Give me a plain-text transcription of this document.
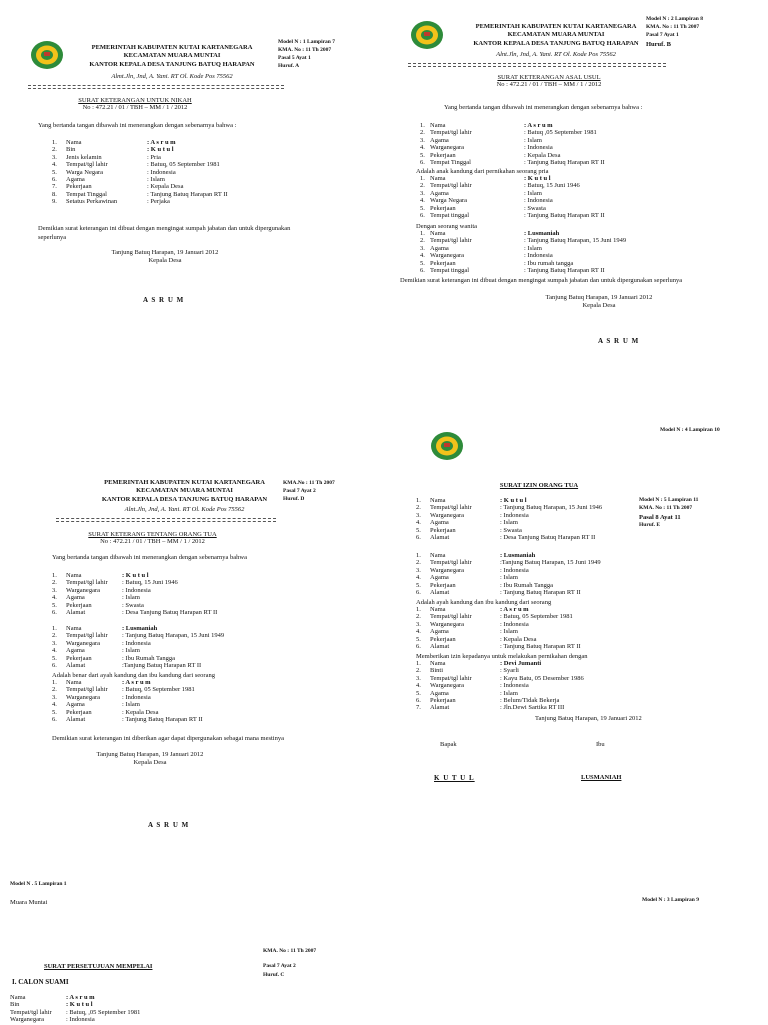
PEMERINTAH KABUPATEN KUTAI KARTANEGARA
KECAMATAN MUARA MUNTAI
KANTOR KEPALA DESA TANJUNG BATUQ HARAPAN
Almt.Jln, Jnd, A. Yani. RT Ol. Kode Pos 75562
Model N : 1 Lampiran 7
KMA. No : 11 Th 2007
Pasal 5 Ayat 1
Huruf. A
SURAT KETERANGAN UNTUK NIKAH
No : 472.21 / 01 / TBH – MM / 1 / 2012
Yang bertanda tangan dibawah ini menerangkan dengan sebenarnya bahwa :
1. Nama	: A s r u m
2. Bin	: K u t u l
3. Jenis kelamin	: Pria
4. Tempat/tgl lahir	: Batuq, 05 September 1981
5. Warga Negara	: Indonesia
6. Agama	: Islam
7. Pekerjaan	: Kepala Desa
8. Tempat Tinggal	: Tanjung Batuq Harapan RT II
9. Setatus Perkawinan	: Perjaka
Demikian surat keterangan ini dibuat dengan mengingat sumpah jabatan dan untuk dipergunakan
seperlunya
Tanjung Batuq Harapan, 19 Januari 2012
Kepala Desa
A S R U M
PEMERINTAH KABUPATEN KUTAI KARTANEGARA
KECAMATAN MUARA MUNTAI
KANTOR KEPALA DESA TANJUNG BATUQ HARAPAN
Alnt.Jln, Jnd, A. Yani. RT Ol. Kode Pos 75562
Model N : 2 Lampiran 8
KMA. No : 11 Th 2007
Pasal 7 Ayat 1
Huruf. B
SURAT KETERANGAN ASAL USUL
No : 472.21 / 01 / TBH – MM / 1 / 2012
Yang bertanda tangan dibawah ini menerangkan dengan sebenarnya bahwa :
1. Nama	: A s r u m
2. Tempat/tgl lahir	: Batuq ,05 September 1981
3. Agama	: Islam
4. Warganegara	: Indonesia
5. Pekerjaan	: Kepala Desa
6. Tempat Tinggal	: Tanjung Batuq Harapan RT II
Adalah anak kandung dari pernikahan seorang pria
1. Nama	: K u t u l
2. Tempat/tgl lahir	: Batuq, 15 Juni 1946
3. Agama	: Islam
4. Warga Negara	: Indonesia
5. Pekerjaan	: Swasta
6. Tempat tinggal	: Tanjung Batuq Harapan RT II
Dengan seorang wanita
1. Nama	: Lusmaniah
2. Tempat/tgl lahir	: Tanjung Batuq Harapan, 15 Juni 1949
3. Agama	: Islam
4. Warganegara	: Indonesia
5. Pekerjaan	: Ibu rumah tangga
6. Tempat tinggal	: Tanjung Batuq Harapan RT II
Demikian surat keterangan ini dibuat dengan mengingat sumpah jabatan dan untuk dipergunakan seperlunya
Tanjung Batuq Harapan, 19 Januari 2012
Kepala Desa
A S R U M
PEMERINTAH KABUPATEN KUTAI KARTANEGARA
KECAMATAN MUARA MUNTAI
KANTOR KEPALA DESA TANJUNG BATUQ HARAPAN
Alnt.Jln, Jnd, A. Yani. RT Ol. Kode Pos 75562
KMA.No : 11 Th 2007
Pasal 7 Ayat 2
Huruf. D
SURAT KETERANG TENTANG ORANG TUA
No : 472.21 / 01 / TBH – MM / 1 / 2012
Yang bertanda tangan dibawah ini menerangkan dengan sebenarnya bahwa
1. Nama	: K u t u l
2. Tempat/tgl lahir : Batuq, 15 Juni 1946
3. Warganegara	: Indonesia
4. Agama	: Islam
5. Pekerjaan	: Swasta
6. Alamat	: Desa Tanjung Batuq Harapan RT II
1. Nama	: Lusmaniah
2. Tempat/tgl lahir : Tanjung Batuq Harapan, 15 Juni 1949
3. Warganegara	: Indonesia
4. Agama	: Islam
5. Pekerjaan	: Ibu Rumah Tangga
6. Alamat	:Tanjung Batuq Harapan RT II
Adalah benar dari ayah kandung dan ibu kandung dari seorang
1. Nama	: A s r u m
2. Tempat/tgl lahir : Batuq, 05 September 1981
3. Warganegara	: Indonesia
4. Agama	: Islam
5. Pekerjaan	: Kepala Desa
6. Alamat	: Tanjung Batuq Harapan RT II
Demikian surat keterangan ini diberikan agar dapat dipergunakan sebagai mana mestinya
Tanjung Batuq Harapan, 19 Januari 2012
Kepala Desa
A S R U M
Model N : 4 Lampiran 10
SURAT IZIN ORANG TUA
Model N : 5 Lampiran 11
KMA. No : 11 Th 2007
Pasal 8 Ayat 11
Huruf. E
1. Nama	: K u t u l
2. Tempat/tgl lahir	: Tanjung Batuq Harapan, 15 Juni 1946
3. Warganegara	: Indonesia
4. Agama	: Islam
5. Pekerjaan	: Swasta
6. Alamat	: Desa Tanjung Batuq Harapan RT II
1. Nama	: Lusmaniah
2. Tempat/tgl lahir	:Tanjung Batuq Harapan, 15 Juni 1949
3. Warganegara	: Indonesia
4. Agama	: Islam
5. Pekerjaan	: Ibu Rumah Tangga
6. Alamat	: Tanjung Batuq Harapan RT II
Adalah ayah kandung dan ibu kandung dari seorang
1. Nama	: A s r u m
2. Tempat/tgl lahir	: Batuq, 05 September 1981
3. Warganegara	: Indonesia
4. Agama	: Islam
5. Pekerjaan	: Kepala Desa
6. Alamat	: Tanjung Batuq Harapan RT II
Memberikan izin kepadanya untuk melakukan pernikahan dengan
1. Nama	: Devi Jumanti
2. Binti	: Syarli
3. Tempat/tgl lahir	: Kayu Batu, 05 Desember 1986
4. Warganegara	: Indonesia
5. Agama	: Islam
6. Pekerjaan	: Belum/Tidak Bekerja
7. Alamat	: Jln.Dewi Sartika RT III
Tanjung Batuq Harapan, 19 Januari 2012
Bapak	Ibu
K U T U L	LUSMANIAH
Model N . 5 Lampiran 1
Muara Muntai
KMA. No : 11 Th 2007
Pasal 7 Ayat 2
Huruf. C
SURAT PERSETUJUAN MEMPELAI
I. CALON SUAMI
Nama	: A s r u m
Bin	: K u t u l
Tempat/tgl lahir : Batuq, ,05 September 1981
Warganegara	: Indonesia
Model N : 3 Lampiran 9
